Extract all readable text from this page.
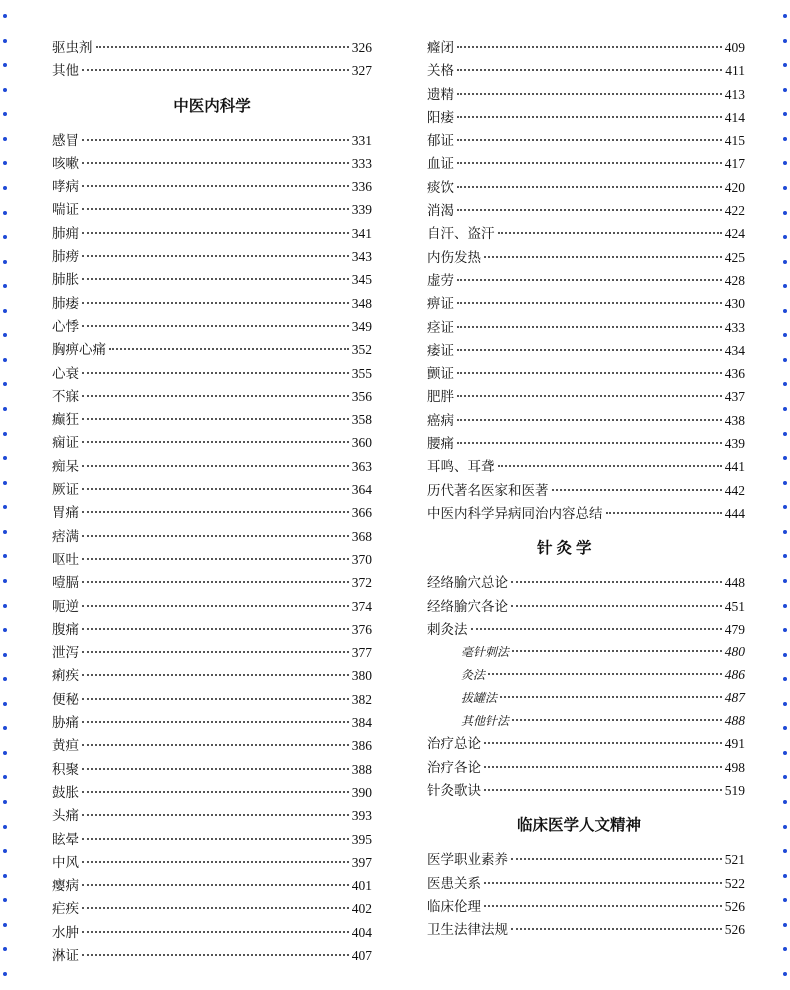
驱虫剂	326
其他	327
中医内科学
感冒	331
咳嗽	333
哮病	336
喘证	339
肺痈	341
肺痨	343
肺胀	345
肺痿	348
心悸	349
胸痹心痛	352
心衰	355
不寐	356
癫狂	358
痫证	360
痴呆	363
厥证	364
胃痛	366
痞满	368
呕吐	370
噎膈	372
呃逆	374
腹痛	376
泄泻	377
痢疾	380
便秘	382
胁痛	384
黄疸	386
积聚	388
鼓胀	390
头痛	393
眩晕	395
中风	397
瘿病	401
疟疾	402
水肿	404
淋证	407
癃闭	409
关格	411
遗精	413
阳痿	414
郁证	415
血证	417
痰饮	420
消渴	422
自汗、盗汗	424
内伤发热	425
虚劳	428
痹证	430
痉证	433
痿证	434
颤证	436
肥胖	437
癌病	438
腰痛	439
耳鸣、耳聋	441
历代著名医家和医著	442
中医内科学异病同治内容总结	444
针灸学
经络腧穴总论	448
经络腧穴各论	451
刺灸法	479
毫针刺法	480
灸法	486
拔罐法	487
其他针法	488
治疗总论	491
治疗各论	498
针灸歌诀	519
临床医学人文精神
医学职业素养	521
医患关系	522
临床伦理	526
卫生法律法规	526
